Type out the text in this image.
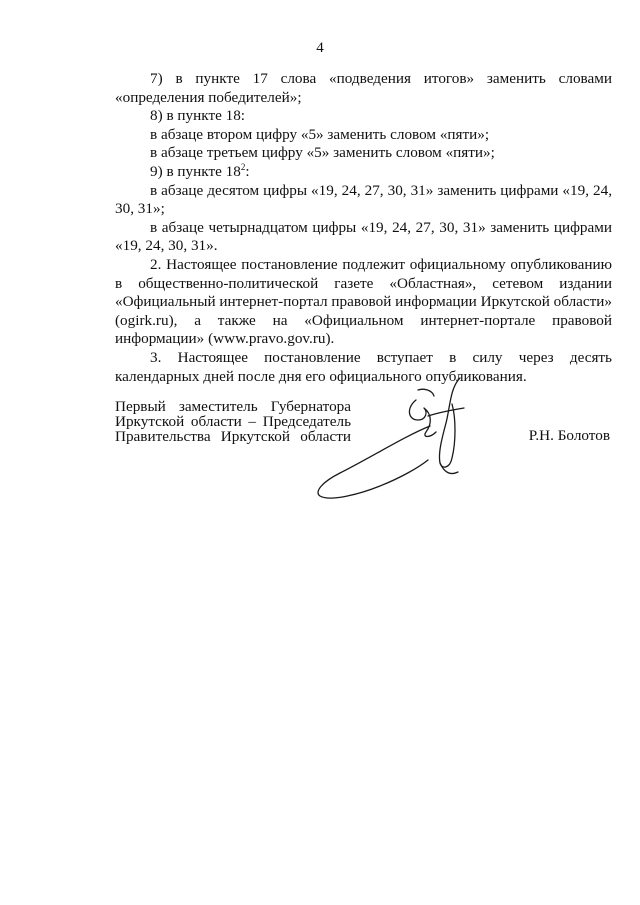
4

7) в пункте 17 слова «подведения итогов» заменить словами «определения победителей»;

8) в пункте 18:

в абзаце втором цифру «5» заменить словом «пяти»;

в абзаце третьем цифру «5» заменить словом «пяти»;

9) в пункте $18^2$:

в абзаце десятом цифры «19, 24, 27, 30, 31» заменить цифрами «19, 24, 30, 31»;

в абзаце четырнадцатом цифры «19, 24, 27, 30, 31» заменить цифрами «19, 24, 30, 31».

2. Настоящее постановление подлежит официальному опубликованию в общественно-политической газете «Областная», сетевом издании «Официальный интернет-портал правовой информации Иркутской области» (ogirk.ru), а также на «Официальном интернет-портале правовой информации» (www.pravo.gov.ru).

3. Настоящее постановление вступает в силу через десять календарных дней после дня его официального опубликования.

Первый заместитель Губернатора
Иркутской области – Председатель
Правительства Иркутской области	Р.Н. Болотов
